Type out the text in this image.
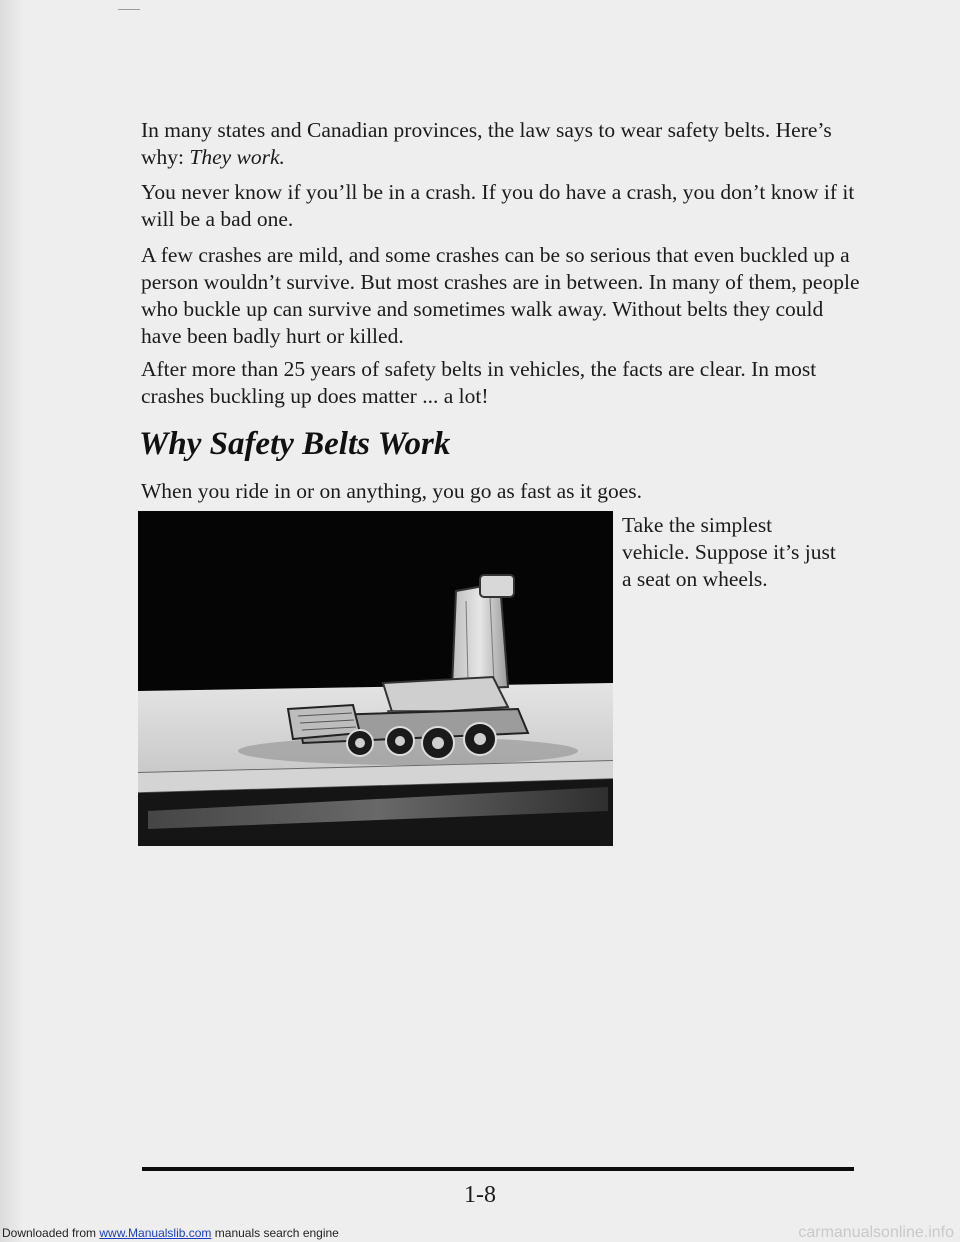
In many states and Canadian provinces, the law says to wear safety belts. Here’s why: They work.

You never know if you’ll be in a crash. If you do have a crash, you don’t know if it will be a bad one.

A few crashes are mild, and some crashes can be so serious that even buckled up a person wouldn’t survive. But most crashes are in between. In many of them, people who buckle up can survive and sometimes walk away. Without belts they could have been badly hurt or killed.

After more than 25 years of safety belts in vehicles, the facts are clear. In most crashes buckling up does matter ... a lot!

Why Safety Belts Work

When you ride in or on anything, you go as fast as it goes.

Take the simplest vehicle. Suppose it’s just a seat on wheels.

1-8
Downloaded from www.Manualslib.com manuals search engine	carmanualsonline.info
